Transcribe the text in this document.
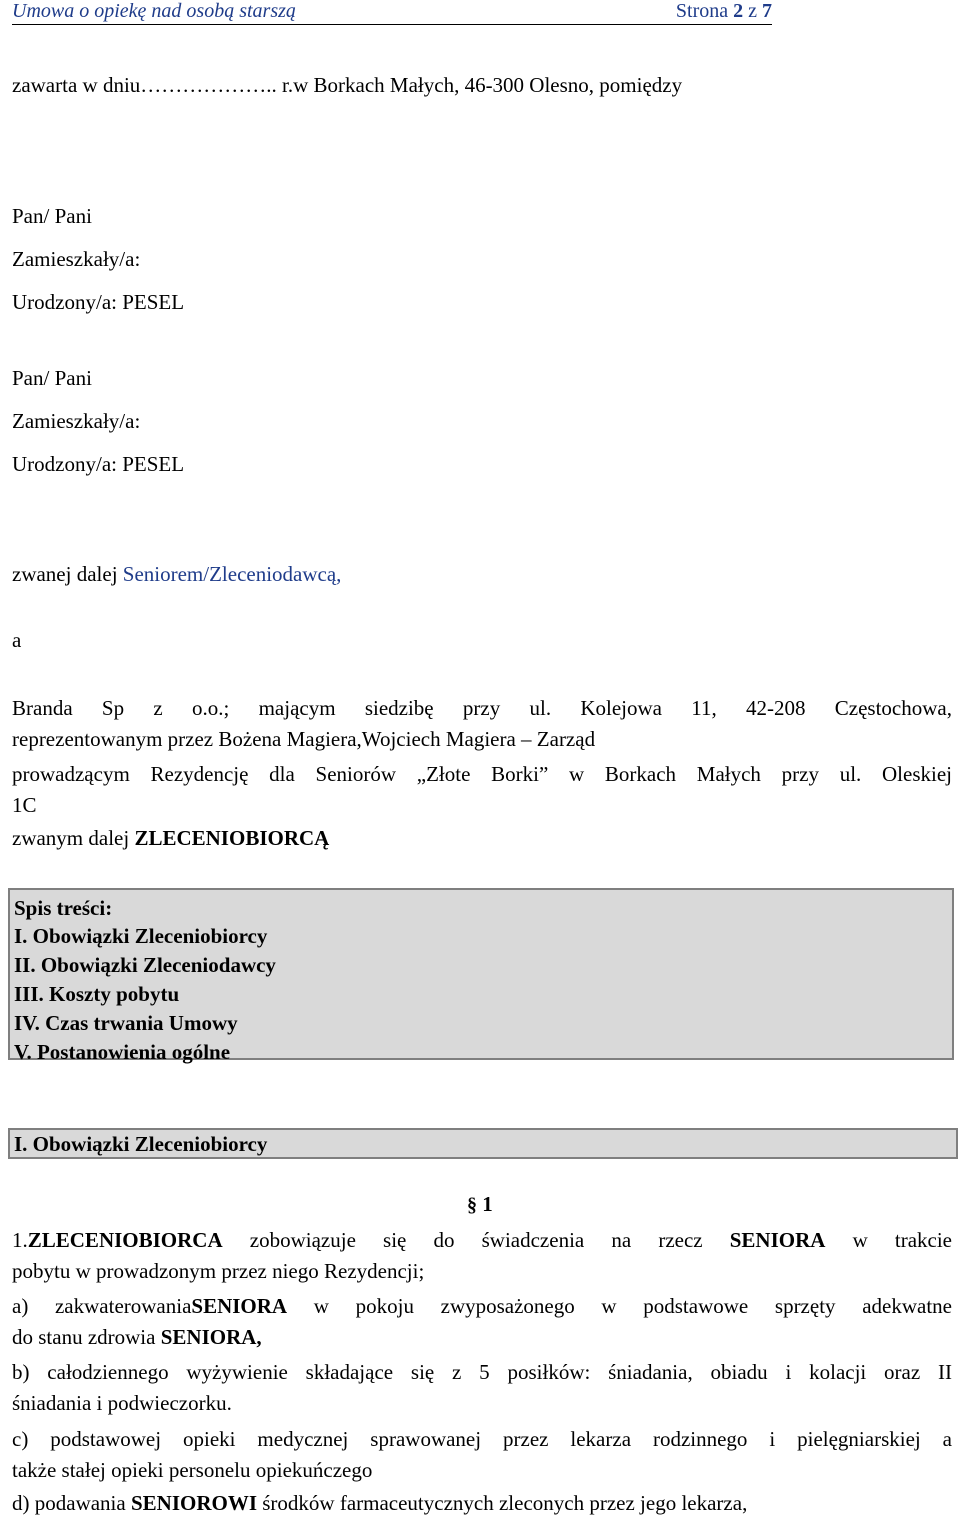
Umowa o opiekę nad osobą starszą	Strona 2 z 7
zawarta w dniu……………….. r.w Borkach Małych, 46-300 Olesno, pomiędzy
Pan/ Pani
Zamieszkały/a:
Urodzony/a: PESEL
Pan/ Pani
Zamieszkały/a:
Urodzony/a: PESEL
zwanej dalej Seniorem/Zleceniodawcą,
a
Branda Sp z o.o.; mającym siedzibę przy ul. Kolejowa 11, 42-208 Częstochowa,
reprezentowanym przez Bożena Magiera,Wojciech Magiera – Zarząd
prowadzącym Rezydencję dla Seniorów „Złote Borki” w Borkach Małych przy ul. Oleskiej
1C
zwanym dalej ZLECENIOBIORCĄ
Spis treści:
I. Obowiązki Zleceniobiorcy
II. Obowiązki Zleceniodawcy
III. Koszty pobytu
IV. Czas trwania Umowy
V. Postanowienia ogólne
I. Obowiązki Zleceniobiorcy
§ 1
1.ZLECENIOBIORCA zobowiązuje się do świadczenia na rzecz SENIORA w trakcie
pobytu w prowadzonym przez niego Rezydencji;
a) zakwaterowaniaSENIORA w pokoju zwyposażonego w podstawowe sprzęty adekwatne
do stanu zdrowia SENIORA,
b) całodziennego wyżywienie składające się z 5 posiłków: śniadania, obiadu i kolacji oraz II
śniadania i podwieczorku.
c) podstawowej opieki medycznej sprawowanej przez lekarza rodzinnego i pielęgniarskiej a
także stałej opieki personelu opiekuńczego
d) podawania SENIOROWI środków farmaceutycznych zleconych przez jego lekarza,
